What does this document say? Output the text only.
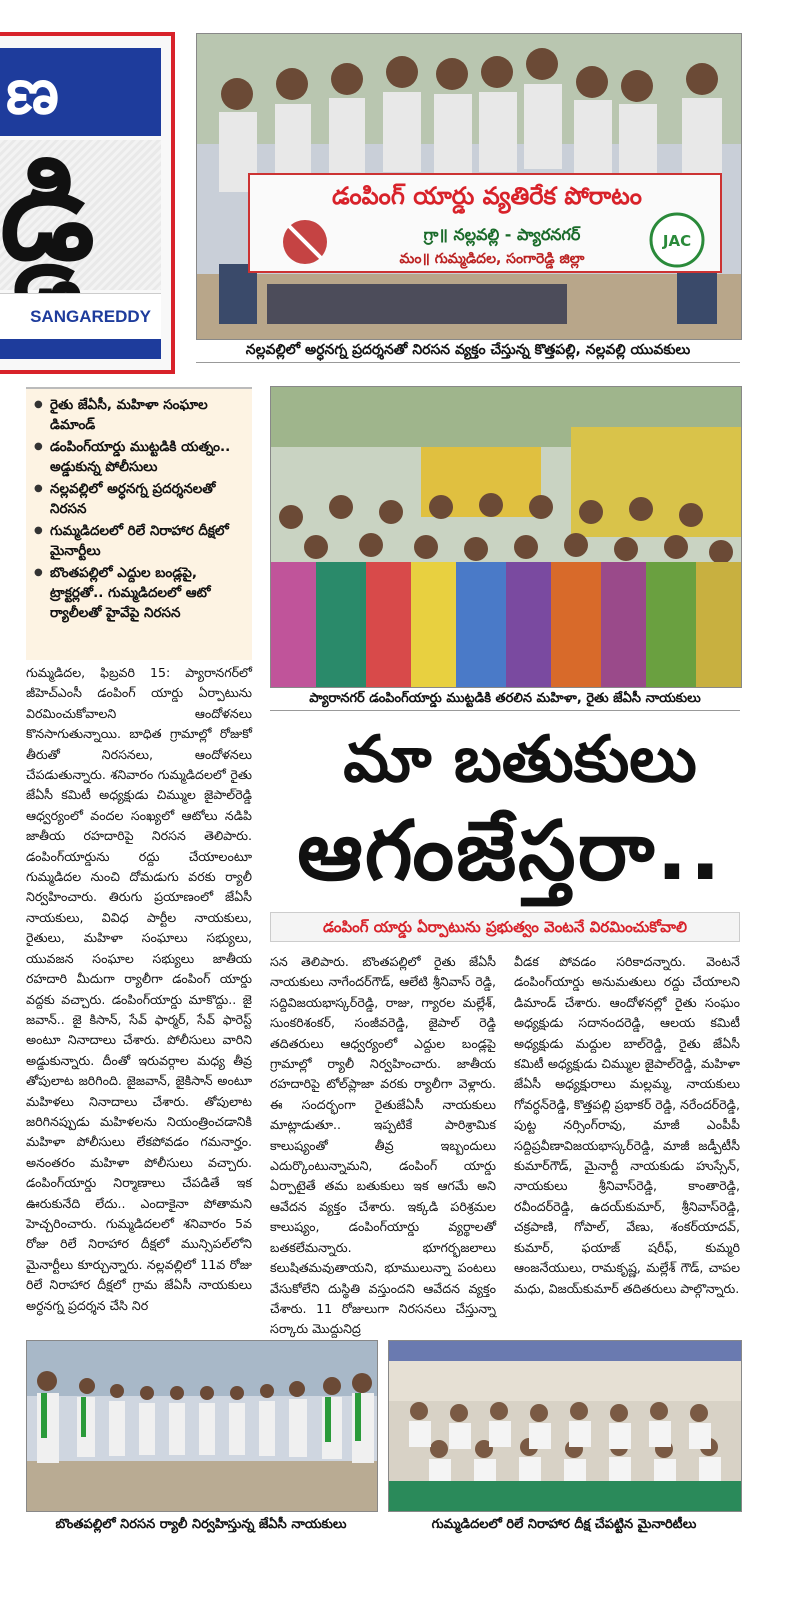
ణ
డ్డి
SANGAREDDY
డంపింగ్ యార్డు వ్యతిరేక పోరాటం
గ్రా॥ నల్లవల్లి - ప్యారనగర్
మం॥ గుమ్మడిదల, సంగారెడ్డి జిల్లా
JAC
నల్లవల్లిలో అర్ధనగ్న ప్రదర్శనతో నిరసన వ్యక్తం చేస్తున్న కొత్తపల్లి, నల్లవల్లి యువకులు
● రైతు జేఏసీ, మహిళా సంఘాల డిమాండ్
● డంపింగ్‌యార్డు ముట్టడికి యత్నం.. అడ్డుకున్న పోలీసులు
● నల్లవల్లిలో అర్ధనగ్న ప్రదర్శనలతో నిరసన
● గుమ్మడిదలలో రిలే నిరాహార దీక్షలో మైనార్టీలు
● బొంతపల్లిలో ఎద్దుల బండ్లపై, ట్రాక్టర్లతో.. గుమ్మడిదలలో ఆటో ర్యాలీలతో హైవేపై నిరసన
ప్యారానగర్ డంపింగ్‌యార్డు ముట్టడికి తరలిన మహిళా, రైతు జేఏసీ నాయకులు
మా బతుకులు
ఆగంజేస్తరా..
డంపింగ్ యార్డు ఏర్పాటును ప్రభుత్వం వెంటనే విరమించుకోవాలి
గుమ్మడిదల, ఫిబ్రవరి 15: ప్యారానగర్‌లో జీహెచ్‌ఎంసీ డంపింగ్ యార్డు ఏర్పాటును విరమించుకోవాలని ఆందోళనలు కొనసాగుతున్నాయి. బాధిత గ్రామాల్లో రోజుకో తీరుతో నిరసనలు, ఆందోళనలు చేపడుతున్నారు. శనివారం గుమ్మడిదలలో రైతు జేఏసీ కమిటీ అధ్యక్షుడు చిమ్ముల జైపాల్‌రెడ్డి ఆధ్వర్యంలో వందల సంఖ్యలో ఆటోలు నడిపి జాతీయ రహదారిపై నిరసన తెలిపారు. డంపింగ్‌యార్డును రద్దు చేయాలంటూ గుమ్మడిదల నుంచి దోమడుగు వరకు ర్యాలీ నిర్వహించారు. తిరుగు ప్రయాణంలో జేఏసీ నాయకులు, వివిధ పార్టీల నాయకులు, రైతులు, మహిళా సంఘాలు సభ్యులు, యువజన సంఘాల సభ్యులు జాతీయ రహదారి మీదుగా ర్యాలీగా డంపింగ్ యార్డు వద్దకు వచ్చారు. డంపింగ్‌యార్డు మాకొద్దు.. జై జవాన్.. జై కిసాన్, సేవ్ ఫార్మర్, సేవ్ ఫారెస్ట్ అంటూ నినాదాలు చేశారు. పోలీసులు వారిని అడ్డుకున్నారు. దీంతో ఇరువర్గాల మధ్య తీవ్ర తోపులాట జరిగింది. జైజవాన్, జైకిసాన్ అంటూ మహిళలు నినాదాలు చేశారు. తోపులాట జరిగినప్పుడు మహిళలను నియంత్రించడానికి మహిళా పోలీసులు లేకపోవడం గమనార్హం. అనంతరం మహిళా పోలీసులు వచ్చారు. డంపింగ్‌యార్డు నిర్మాణాలు చేపడితే ఇక ఊరుకునేది లేదు.. ఎందాకైనా పోతామని హెచ్చరించారు. గుమ్మడిదలలో శనివారం 5వ రోజు రిలే నిరాహార దీక్షలో మున్సిపల్‌లోని మైనార్టీలు కూర్చున్నారు. నల్లవల్లిలో 11వ రోజు రిలే నిరాహార దీక్షలో గ్రామ జేఏసీ నాయకులు అర్ధనగ్న ప్రదర్శన చేసి నిర
సన తెలిపారు. బొంతపల్లిలో రైతు జేఏసీ నాయకులు నాగేందర్‌గౌడ్, ఆలేటి శ్రీనివాస్ రెడ్డి, సద్దివిజయభాస్కర్‌రెడ్డి, రాజు, గ్యారల మల్లేశ్, సుంకరిశంకర్, సంజీవరెడ్డి, జైపాల్ రెడ్డి తదితరులు ఆధ్వర్యంలో ఎద్దుల బండ్లపై గ్రామాల్లో ర్యాలీ నిర్వహించారు. జాతీయ రహదారిపై టోల్‌ప్లాజా వరకు ర్యాలీగా వెళ్లారు. ఈ సందర్భంగా రైతుజేఏసీ నాయకులు మాట్లాడుతూ.. ఇప్పటికే పారిశ్రామిక కాలుష్యంతో తీవ్ర ఇబ్బందులు ఎదుర్కొంటున్నామని, డంపింగ్ యార్డు ఏర్పాటైతే తమ బతుకులు ఇక ఆగమే అని ఆవేదన వ్యక్తం చేశారు. ఇక్కడి పరిశ్రమల కాలుష్యం, డంపింగ్‌యార్డు వ్యర్థాలతో బతకలేమన్నారు. భూగర్భజలాలు కలుషితమవుతాయని, భూములున్నా పంటలు వేసుకోలేని దుస్థితి వస్తుందని ఆవేదన వ్యక్తం చేశారు. 11 రోజులుగా నిరసనలు చేస్తున్నా సర్కారు మొద్దునిద్ర
వీడక పోవడం సరికాదన్నారు. వెంటనే డంపింగ్‌యార్డు అనుమతులు రద్దు చేయాలని డిమాండ్ చేశారు. ఆందోళనల్లో రైతు సంఘం అధ్యక్షుడు సదానందరెడ్డి, ఆలయ కమిటీ అధ్యక్షుడు మద్దుల బాల్‌రెడ్డి, రైతు జేఏసీ కమిటీ అధ్యక్షుడు చిమ్ముల జైపాల్‌రెడ్డి, మహిళా జేఏసీ అధ్యక్షురాలు మల్లమ్మ, నాయకులు గోవర్ధన్‌రెడ్డి, కొత్తపల్లి ప్రభాకర్ రెడ్డి, నరేందర్‌రెడ్డి, పుట్ట నర్సింగ్‌రావు, మాజీ ఎంపీపీ సద్దిప్రవీణావిజయభాస్కర్‌రెడ్డి, మాజీ జడ్పీటీసీ కుమార్‌గౌడ్, మైనార్టీ నాయకుడు హుస్సేన్, నాయకులు శ్రీనివాస్‌రెడ్డి, కాంతారెడ్డి, రవీందర్‌రెడ్డి, ఉదయ్‌కుమార్, శ్రీనివాస్‌రెడ్డి, చక్రపాణి, గోపాల్, వేణు, శంకర్‌యాదవ్, కుమార్, ఫయాజ్ షరీఫ్, కుమ్మరి ఆంజనేయులు, రామకృష్ణ, మల్లేశ్ గౌడ్, చాపల మధు, విజయ్‌కుమార్ తదితరులు పాల్గొన్నారు.
బొంతపల్లిలో నిరసన ర్యాలీ నిర్వహిస్తున్న జేఏసీ నాయకులు	గుమ్మడిదలలో రిలే నిరాహార దీక్ష చేపట్టిన మైనారిటీలు
